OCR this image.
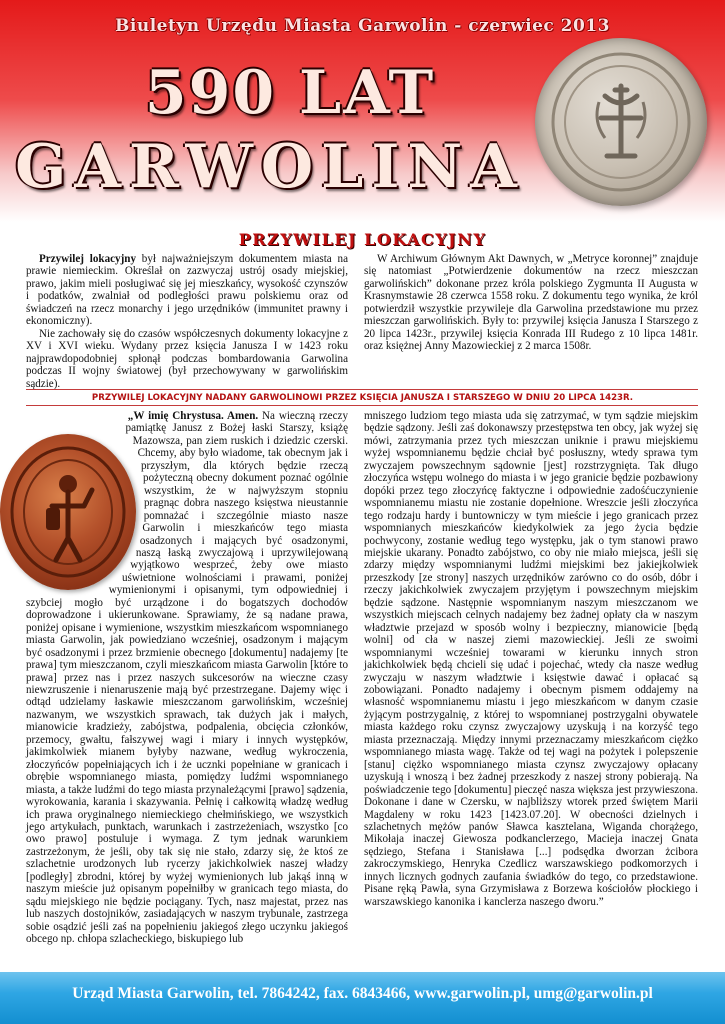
Biuletyn Urzędu Miasta Garwolin - czerwiec 2013
590 LAT
GARWOLINA
PRZYWILEJ LOKACYJNY

Przywilej lokacyjny był najważniejszym dokumentem miasta na prawie niemieckim. Określał on zazwyczaj ustrój osady miejskiej, prawo, jakim mieli posługiwać się jej mieszkańcy, wysokość czynszów i podatków, zwalniał od podległości prawu polskiemu oraz od świadczeń na rzecz monarchy i jego urzędników (immunitet prawny i ekonomiczny).

Nie zachowały się do czasów współczesnych dokumenty lokacyjne z XV i XVI wieku. Wydany przez księcia Janusza I w 1423 roku najprawdopodobniej spłonął podczas bombardowania Garwolina podczas II wojny światowej (był przechowywany w garwolińskim sądzie).

W Archiwum Głównym Akt Dawnych, w „Metryce koronnej” znajduje się natomiast „Potwierdzenie dokumentów na rzecz mieszczan garwolińskich” dokonane przez króla polskiego Zygmunta II Augusta w Krasnymstawie 28 czerwca 1558 roku. Z dokumentu tego wynika, że król potwierdził wszystkie przywileje dla Garwolina przedstawione mu przez mieszczan garwolińskich. Były to: przywilej księcia Janusza I Starszego z 20 lipca 1423r., przywilej księcia Konrada III Rudego z 10 lipca 1481r. oraz księżnej Anny Mazowieckiej z 2 marca 1508r.

PRZYWILEJ LOKACYJNY NADANY GARWOLINOWI PRZEZ KSIĘCIA JANUSZA I STARSZEGO W DNIU 20 LIPCA 1423R.

„W imię Chrystusa. Amen. Na wieczną rzeczy pamiątkę Janusz z Bożej łaski Starszy, książę Mazowsza, pan ziem ruskich i dziedzic czerski. Chcemy, aby było wiadome, tak obecnym jak i przyszłym, dla których będzie rzeczą pożyteczną obecny dokument poznać ogólnie wszystkim, że w najwyższym stopniu pragnąc dobra naszego księstwa nieustannie pomnażać i szczególnie miasto nasze Garwolin i mieszkańców tego miasta osadzonych i mających być osadzonymi, naszą łaską zwyczajową i uprzywilejowaną wyjątkowo wesprzeć, żeby owe miasto uświetnione wolnościami i prawami, poniżej wymienionymi i opisanymi, tym odpowiedniej i szybciej mogło być urządzone i do bogatszych dochodów doprowadzone i ukierunkowane. Sprawiamy, że są nadane prawa, poniżej opisane i wymienione, wszystkim mieszkańcom wspomnianego miasta Garwolin, jak powiedziano wcześniej, osadzonym i mającym być osadzonymi i przez brzmienie obecnego [dokumentu] nadajemy [te prawa] tym mieszczanom, czyli mieszkańcom miasta Garwolin [które to prawa] przez nas i przez naszych sukcesorów na wieczne czasy niewzruszenie i nienaruszenie mają być przestrzegane. Dajemy więc i odtąd udzielamy łaskawie mieszczanom garwolińskim, wcześniej nazwanym, we wszystkich sprawach, tak dużych jak i małych, mianowicie kradzieży, zabójstwa, podpalenia, obcięcia członków, przemocy, gwałtu, fałszywej wagi i miary i innych występków, jakimkolwiek mianem byłyby nazwane, według wykroczenia, złoczyńców popełniających ich i że ucznki popełniane w granicach i obrębie wspomnianego miasta, pomiędzy ludźmi wspomnianego miasta, a także ludźmi do tego miasta przynależącymi [prawo] sądzenia, wyrokowania, karania i skazywania. Pełnię i całkowitą władzę według ich prawa oryginalnego niemieckiego chełmińskiego, we wszystkich jego artykułach, punktach, warunkach i zastrzeżeniach, wszystko [co owo prawo] postuluje i wymaga. Z tym jednak warunkiem zastrzeżonym, że jeśli, oby tak się nie stało, zdarzy się, że ktoś ze szlachetnie urodzonych lub rycerzy jakichkolwiek naszej władzy [podległy] zbrodni, której by wyżej wymienionych lub jakąś inną w naszym mieście już opisanym popełniłby w granicach tego miasta, do sądu miejskiego nie będzie pociągany. Tych, nasz majestat, przez nas lub naszych dostojników, zasiadających w naszym trybunale, zastrzega sobie osądzić jeśli zaś na popełnieniu jakiegoś złego uczynku jakiegoś obcego np. chłopa szlacheckiego, biskupiego lub

mniszego ludziom tego miasta uda się zatrzymać, w tym sądzie miejskim będzie sądzony. Jeśli zaś dokonawszy przestępstwa ten obcy, jak wyżej się mówi, zatrzymania przez tych mieszczan uniknie i prawu miejskiemu wyżej wspomnianemu będzie chciał być posłuszny, wtedy sprawa tym zwyczajem powszechnym sądownie [jest] rozstrzygnięta. Tak długo złoczyńca wstępu wolnego do miasta i w jego granicie będzie pozbawiony dopóki przez tego złoczyńcę faktyczne i odpowiednie zadośćuczynienie wspomnianemu miastu nie zostanie dopełnione. Wreszcie jeśli złoczyńca tego rodzaju hardy i buntowniczy w tym mieście i jego granicach przez wspomnianych mieszkańców kiedykolwiek za jego życia będzie pochwycony, zostanie według tego występku, jak o tym stanowi prawo miejskie ukarany. Ponadto zabójstwo, co oby nie miało miejsca, jeśli się zdarzy między wspomnianymi ludźmi miejskimi bez jakiejkolwiek przeszkody [ze strony] naszych urzędników zarówno co do osób, dóbr i rzeczy jakichkolwiek zwyczajem przyjętym i powszechnym miejskim będzie sądzone. Następnie wspomnianym naszym mieszczanom we wszystkich miejscach celnych nadajemy bez żadnej opłaty cła w naszym władztwie przejazd w sposób wolny i bezpieczny, mianowicie [będą wolni] od cła w naszej ziemi mazowieckiej. Jeśli ze swoimi wspomnianymi wcześniej towarami w kierunku innych stron jakichkolwiek będą chcieli się udać i pojechać, wtedy cła nasze według zwyczaju w naszym władztwie i księstwie dawać i opłacać są zobowiązani. Ponadto nadajemy i obecnym pismem oddajemy na własność wspomnianemu miastu i jego mieszkańcom w danym czasie żyjącym postrzygalnię, z której to wspomnianej postrzygalni obywatele miasta każdego roku czynsz zwyczajowy uzyskują i na korzyść tego miasta przeznaczają. Między innymi przeznaczamy mieszkańcom ciężko wspomnianego miasta wagę. Także od tej wagi na pożytek i polepszenie [stanu] ciężko wspomnianego miasta czynsz zwyczajowy opłacany uzyskują i wnoszą i bez żadnej przeszkody z naszej strony pobierają. Na poświadczenie tego [dokumentu] pieczęć nasza większa jest przywieszona. Dokonane i dane w Czersku, w najbliższy wtorek przed świętem Marii Magdaleny w roku 1423 [1423.07.20]. W obecności dzielnych i szlachetnych mężów panów Sławca kasztelana, Wiganda chorążego, Mikołaja inaczej Giewosza podkanclerzego, Macieja inaczej Gnata sędziego, Stefana i Stanisława [...] podsędka dworzan żcibora zakroczymskiego, Henryka Czedlicz warszawskiego podkomorzych i innych licznych godnych zaufania świadków do tego, co przedstawione. Pisane ręką Pawła, syna Grzymisława z Borzewa kościołów płockiego i warszawskiego kanonika i kanclerza naszego dworu.”

Urząd Miasta Garwolin, tel. 7864242, fax. 6843466, www.garwolin.pl, umg@garwolin.pl
